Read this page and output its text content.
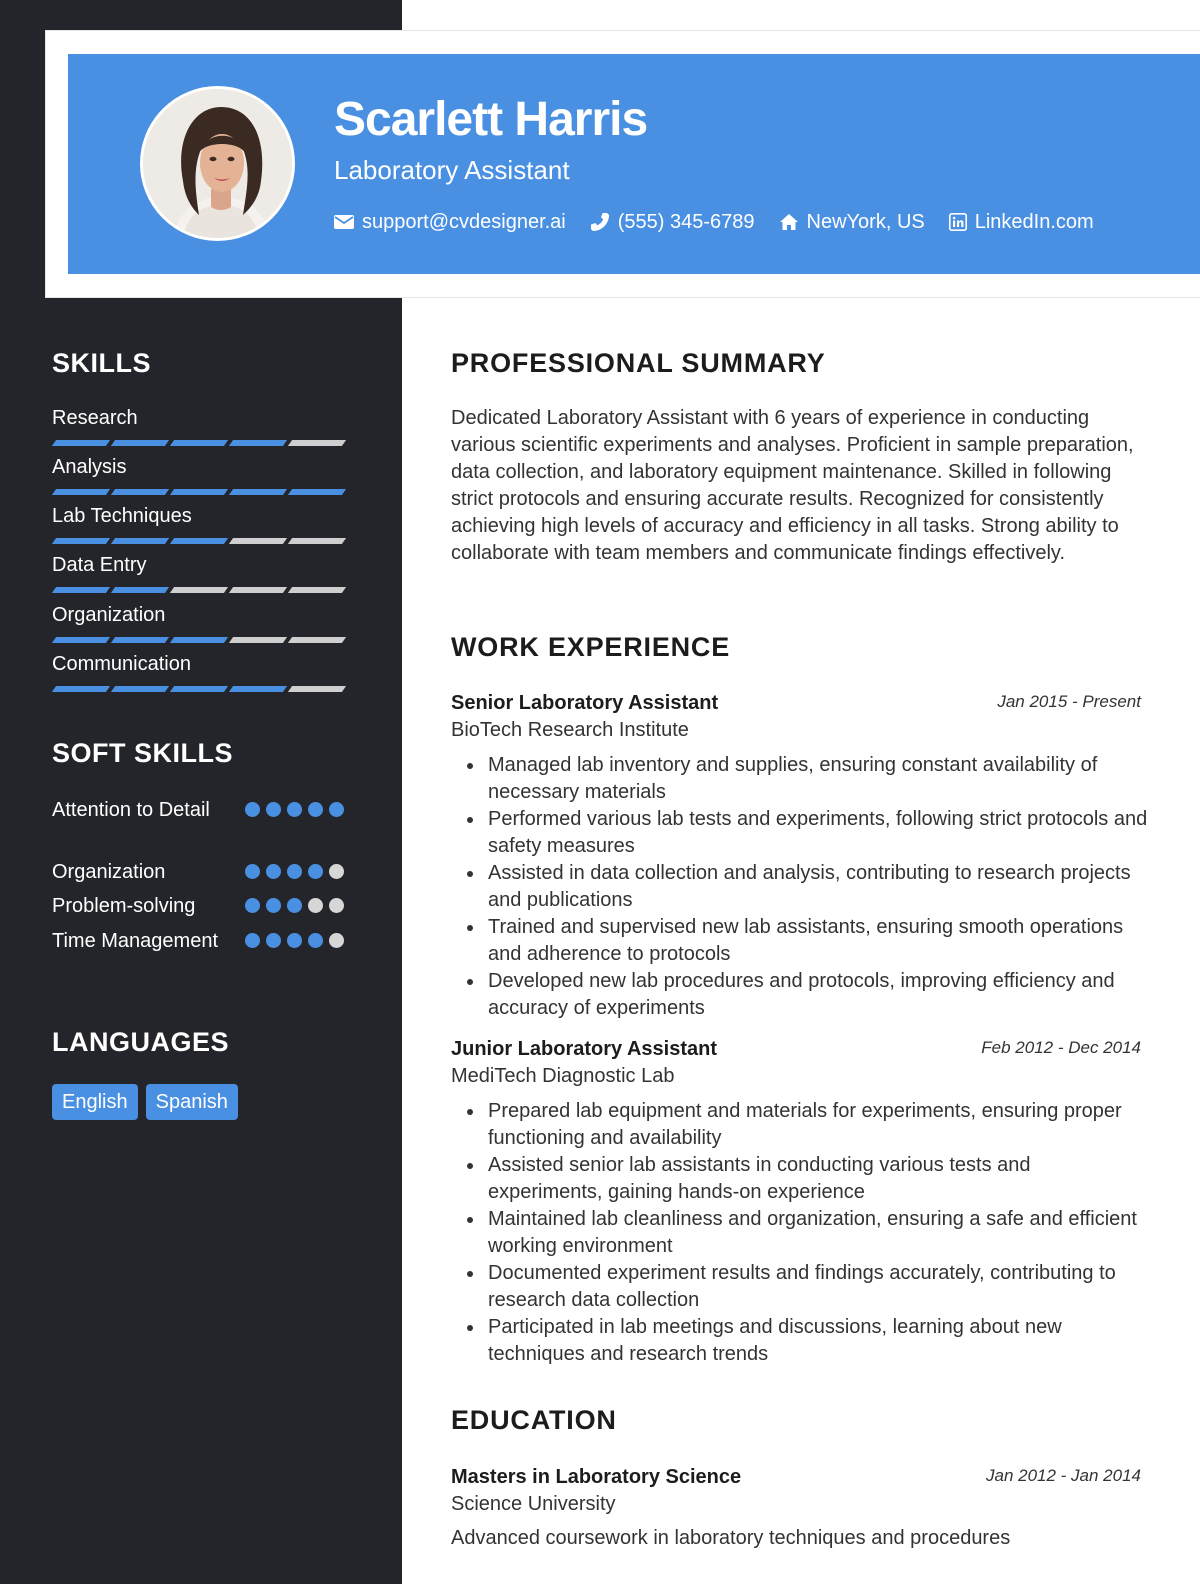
Scarlett Harris
Laboratory Assistant
support@cvdesigner.ai	(555) 345-6789	NewYork, US	LinkedIn.com
SKILLS
Research
Analysis
Lab Techniques
Data Entry
Organization
Communication
SOFT SKILLS
Attention to Detail
Organization
Problem-solving
Time Management
LANGUAGES
English	Spanish
PROFESSIONAL SUMMARY

Dedicated Laboratory Assistant with 6 years of experience in conducting various scientific experiments and analyses. Proficient in sample preparation, data collection, and laboratory equipment maintenance. Skilled in following strict protocols and ensuring accurate results. Recognized for consistently achieving high levels of accuracy and efficiency in all tasks. Strong ability to collaborate with team members and communicate findings effectively.

WORK EXPERIENCE
Senior Laboratory Assistant	Jan 2015 - Present
BioTech Research Institute
Managed lab inventory and supplies, ensuring constant availability of necessary materials
Performed various lab tests and experiments, following strict protocols and safety measures
Assisted in data collection and analysis, contributing to research projects and publications
Trained and supervised new lab assistants, ensuring smooth operations and adherence to protocols
Developed new lab procedures and protocols, improving efficiency and accuracy of experiments
Junior Laboratory Assistant	Feb 2012 - Dec 2014
MediTech Diagnostic Lab
Prepared lab equipment and materials for experiments, ensuring proper functioning and availability
Assisted senior lab assistants in conducting various tests and experiments, gaining hands-on experience
Maintained lab cleanliness and organization, ensuring a safe and efficient working environment
Documented experiment results and findings accurately, contributing to research data collection
Participated in lab meetings and discussions, learning about new techniques and research trends
EDUCATION
Masters in Laboratory Science	Jan 2012 - Jan 2014
Science University
Advanced coursework in laboratory techniques and procedures
